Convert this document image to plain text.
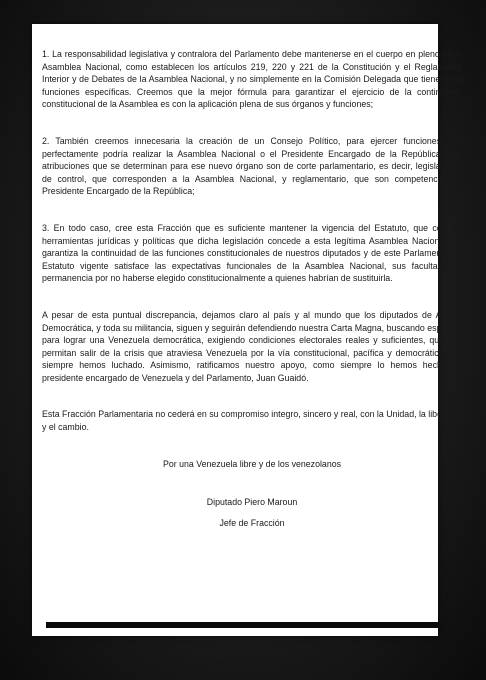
1. La responsabilidad legislativa y contralora del Parlamento debe mantenerse en el cuerpo en pleno de la Asamblea Nacional, como establecen los artículos 219, 220 y 221 de la Constitución y el Reglamento Interior y de Debates de la Asamblea Nacional, y no simplemente en la Comisión Delegada que tiene unas funciones específicas. Creemos que la mejor fórmula para garantizar el ejercicio de la continuidad constitucional de la Asamblea es con la aplicación plena de sus órganos y funciones;

2. También creemos innecesaria la creación de un Consejo Político, para ejercer funciones que perfectamente podría realizar la Asamblea Nacional o el Presidente Encargado de la República. Las atribuciones que se determinan para ese nuevo órgano son de corte parlamentario, es decir, legislativo y de control, que corresponden a la Asamblea Nacional, y reglamentario, que son competencia del Presidente Encargado de la República;

3. En todo caso, cree esta Fracción que es suficiente mantener la vigencia del Estatuto, que con las herramientas jurídicas y políticas que dicha legislación concede a esta legítima Asamblea Nacional, se garantiza la continuidad de las funciones constitucionales de nuestros diputados y de este Parlamento. El Estatuto vigente satisface las expectativas funcionales de la Asamblea Nacional, sus facultades y permanencia por no haberse elegido constitucionalmente a quienes habrían de sustituirla.

A pesar de esta puntual discrepancia, dejamos claro al país y al mundo que los diputados de Acción Democrática, y toda su militancia, siguen y seguirán defendiendo nuestra Carta Magna, buscando espacios para lograr una Venezuela democrática, exigiendo condiciones electorales reales y suficientes, que nos permitan salir de la crisis que atraviesa Venezuela por la vía constitucional, pacífica y democrática que siempre hemos luchado. Asimismo, ratificamos nuestro apoyo, como siempre lo hemos hecho, al presidente encargado de Venezuela y del Parlamento, Juan Guaidó.

Esta Fracción Parlamentaria no cederá en su compromiso integro, sincero y real, con la Unidad, la libertad y el cambio.

Por una Venezuela libre y de los venezolanos

Diputado Piero Maroun

Jefe de Fracción
